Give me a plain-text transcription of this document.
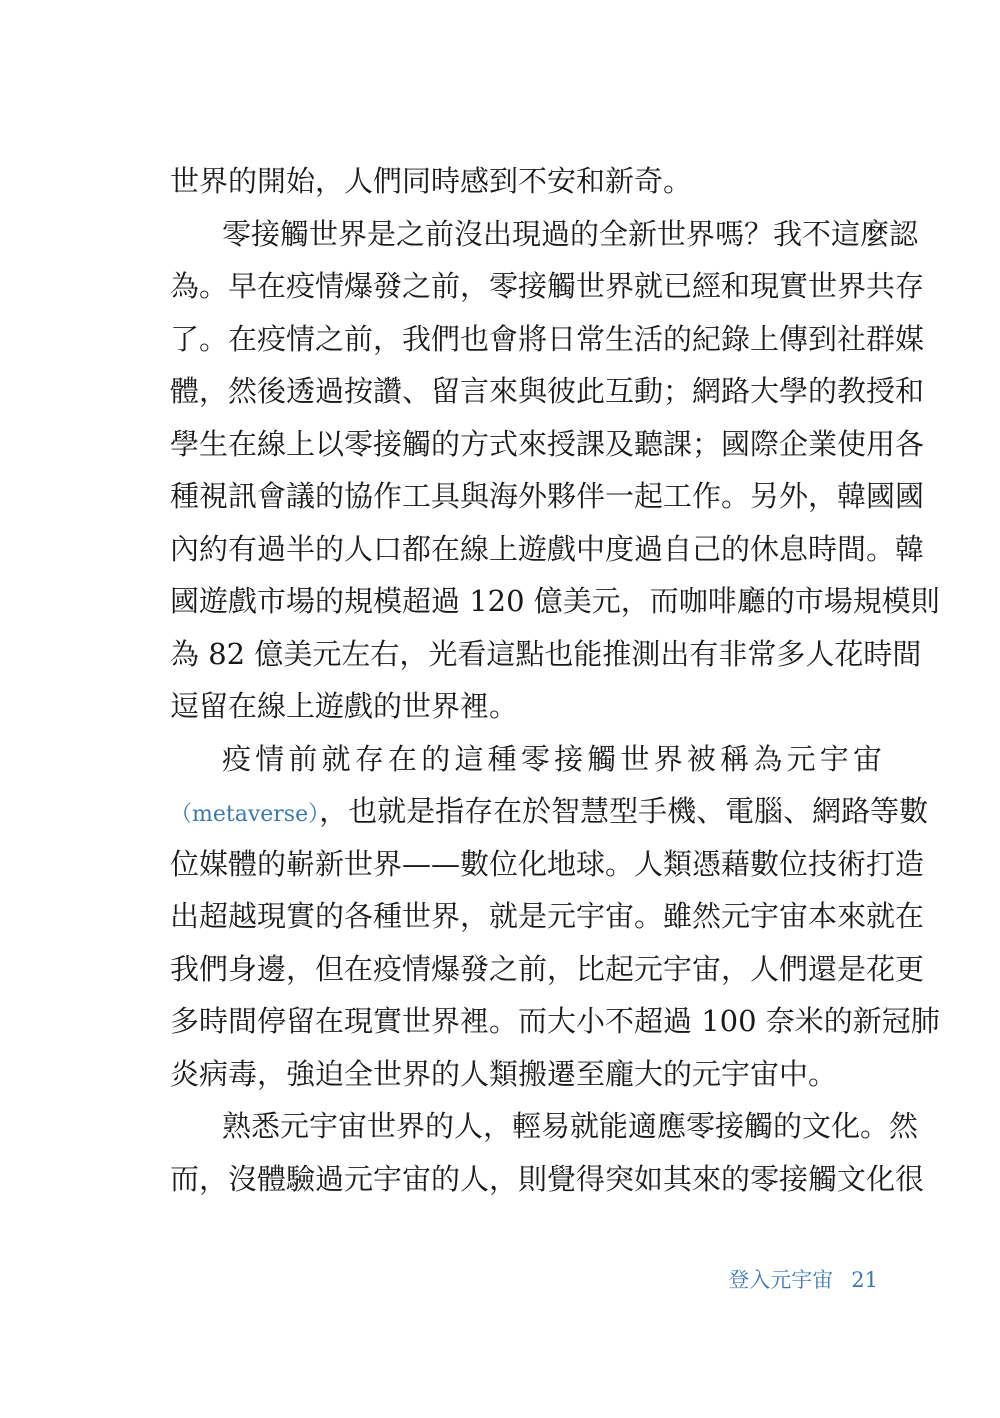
世界的開始，人們同時感到不安和新奇。
零接觸世界是之前沒出現過的全新世界嗎？我不這麼認
為。早在疫情爆發之前，零接觸世界就已經和現實世界共存
了。在疫情之前，我們也會將日常生活的紀錄上傳到社群媒
體，然後透過按讚、留言來與彼此互動；網路大學的教授和
學生在線上以零接觸的方式來授課及聽課；國際企業使用各
種視訊會議的協作工具與海外夥伴一起工作。另外，韓國國
內約有過半的人口都在線上遊戲中度過自己的休息時間。韓
國遊戲市場的規模超過 120 億美元，而咖啡廳的市場規模則
為 82 億美元左右，光看這點也能推測出有非常多人花時間
逗留在線上遊戲的世界裡。
疫情前就存在的這種零接觸世界被稱為元宇宙
（metaverse），也就是指存在於智慧型手機、電腦、網路等數
位媒體的嶄新世界——數位化地球。人類憑藉數位技術打造
出超越現實的各種世界，就是元宇宙。雖然元宇宙本來就在
我們身邊，但在疫情爆發之前，比起元宇宙，人們還是花更
多時間停留在現實世界裡。而大小不超過 100 奈米的新冠肺
炎病毒，強迫全世界的人類搬遷至龐大的元宇宙中。
熟悉元宇宙世界的人，輕易就能適應零接觸的文化。然
而，沒體驗過元宇宙的人，則覺得突如其來的零接觸文化很
登入元宇宙 21
